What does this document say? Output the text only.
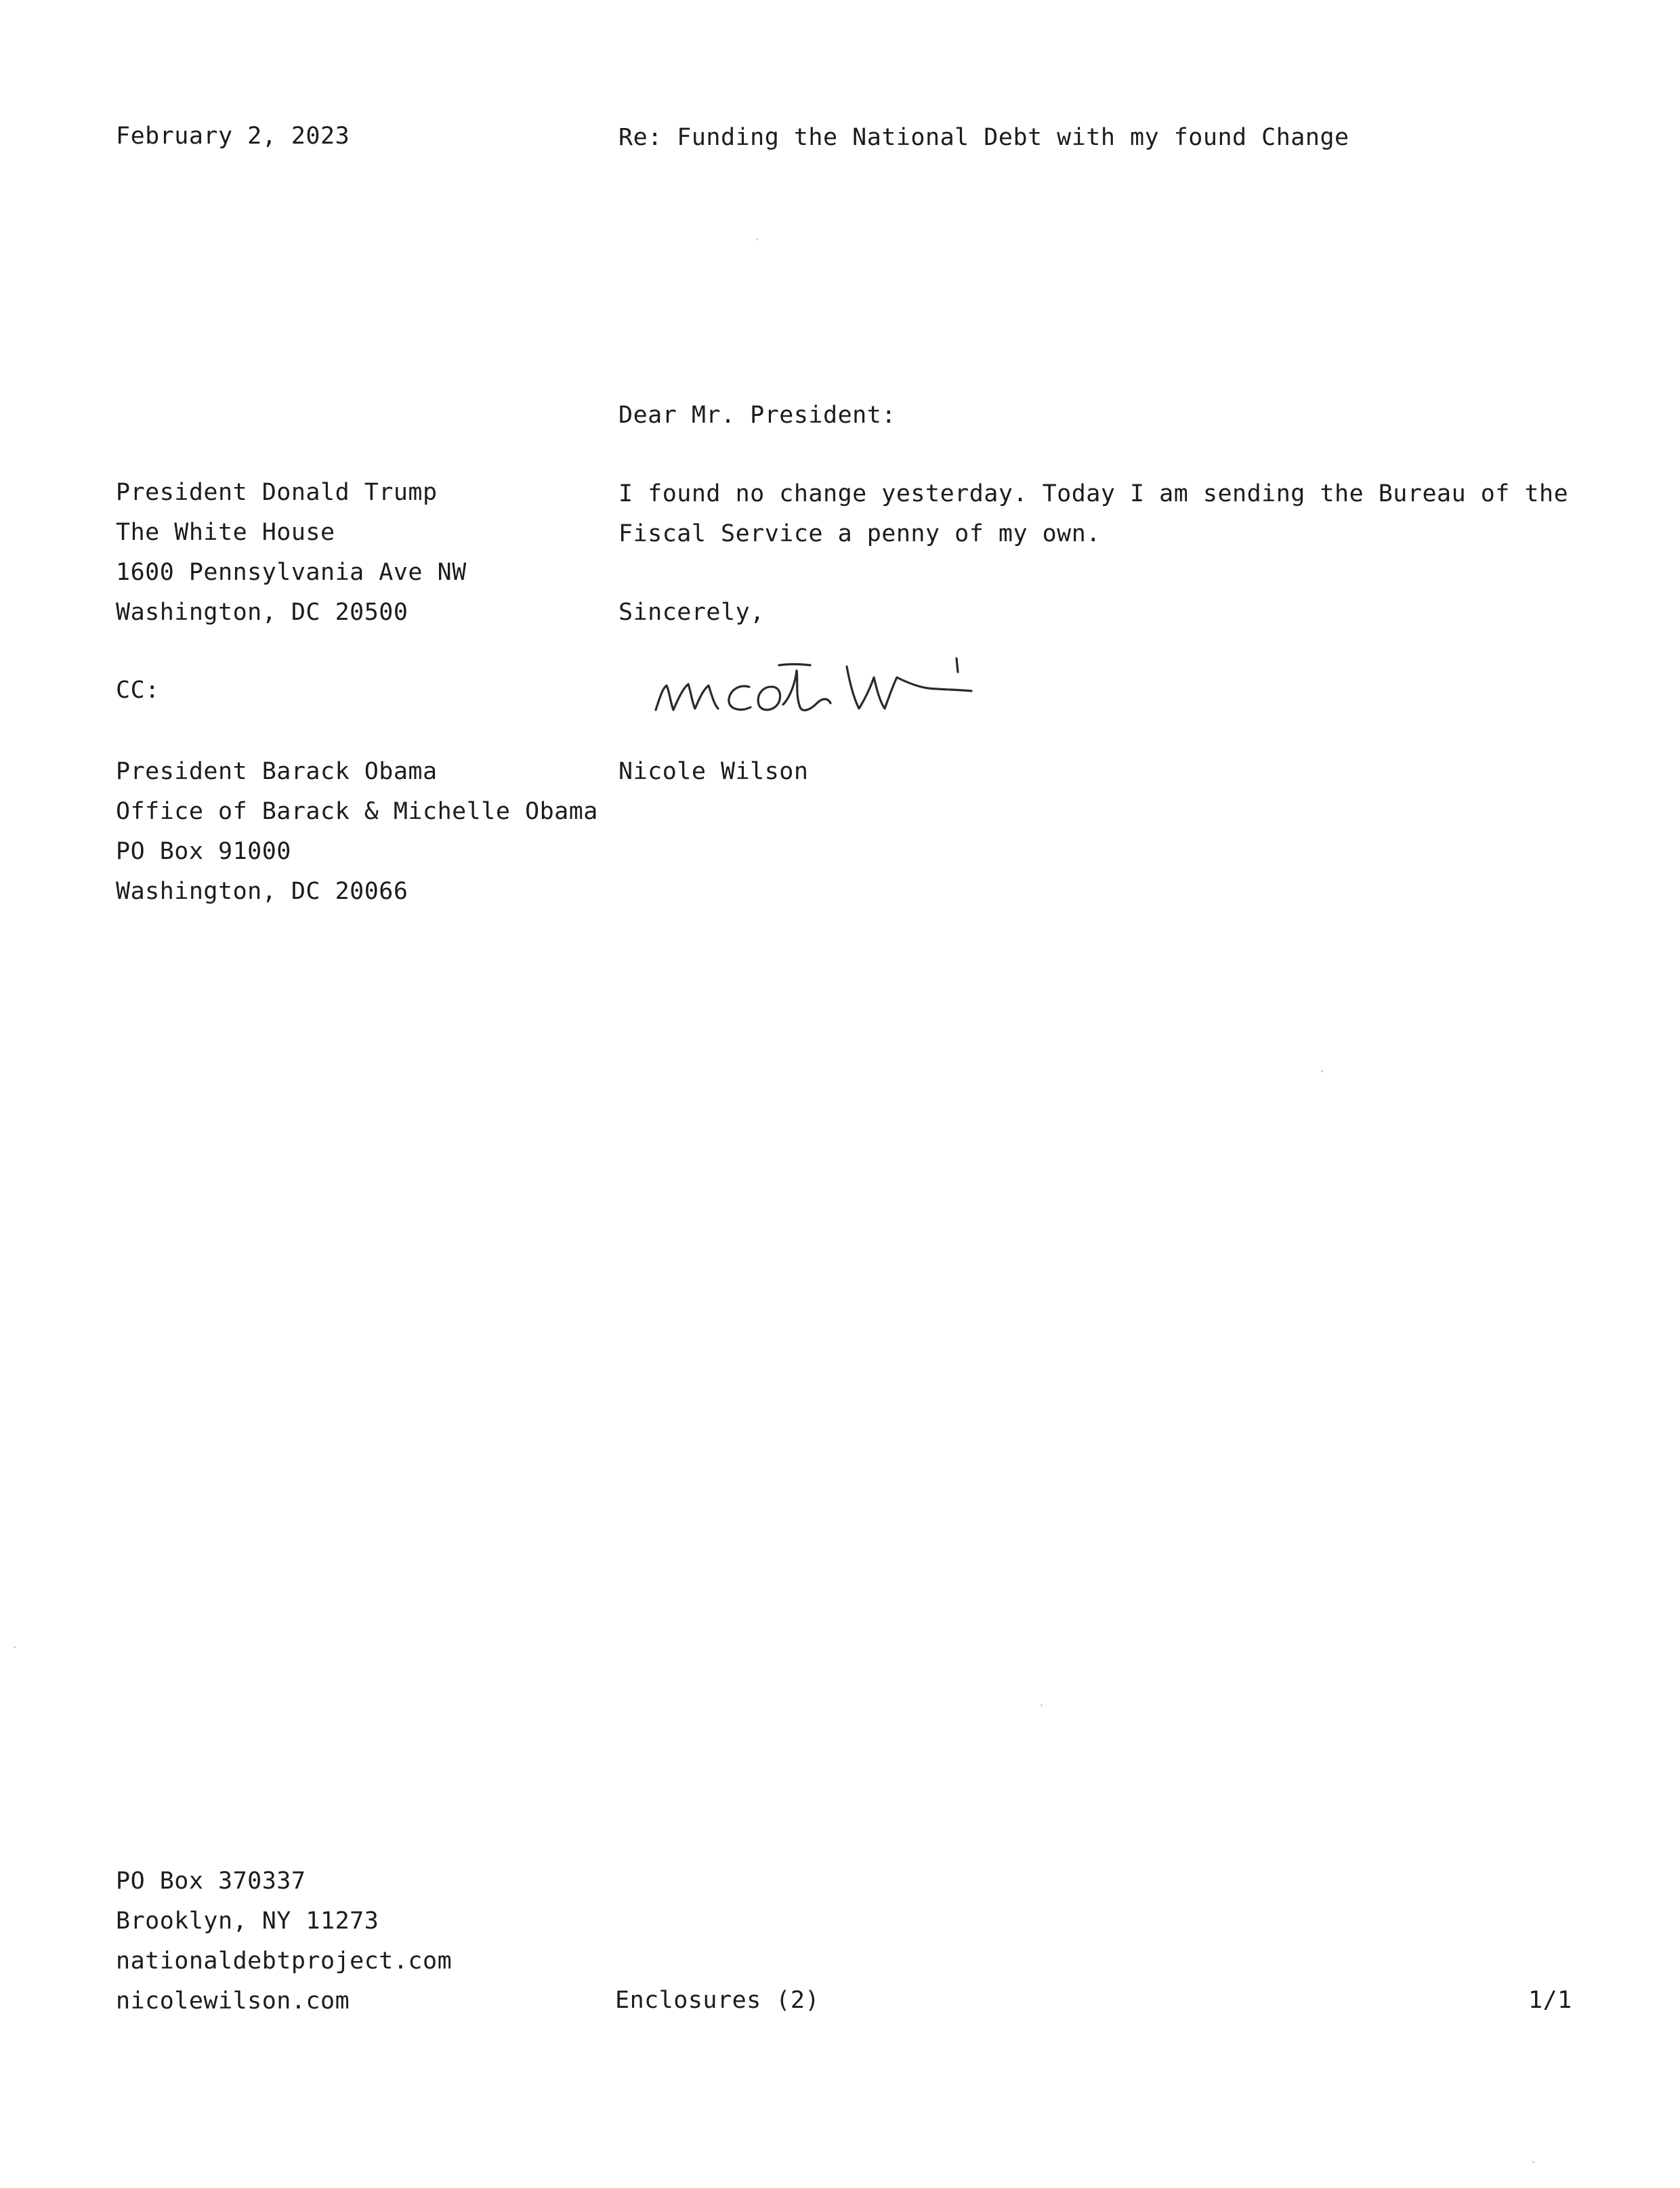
February 2, 2023	Re: Funding the National Debt with my found Change
Dear Mr. President:
President Donald Trump
The White House
1600 Pennsylvania Ave NW
Washington, DC 20500
I found no change yesterday. Today I am sending the Bureau of the
Fiscal Service a penny of my own.
Sincerely,
CC:
Nicole Wilson
President Barack Obama
Office of Barack & Michelle Obama
PO Box 91000
Washington, DC 20066
PO Box 370337
Brooklyn, NY 11273
nationaldebtproject.com
nicolewilson.com	Enclosures (2)	1/1
